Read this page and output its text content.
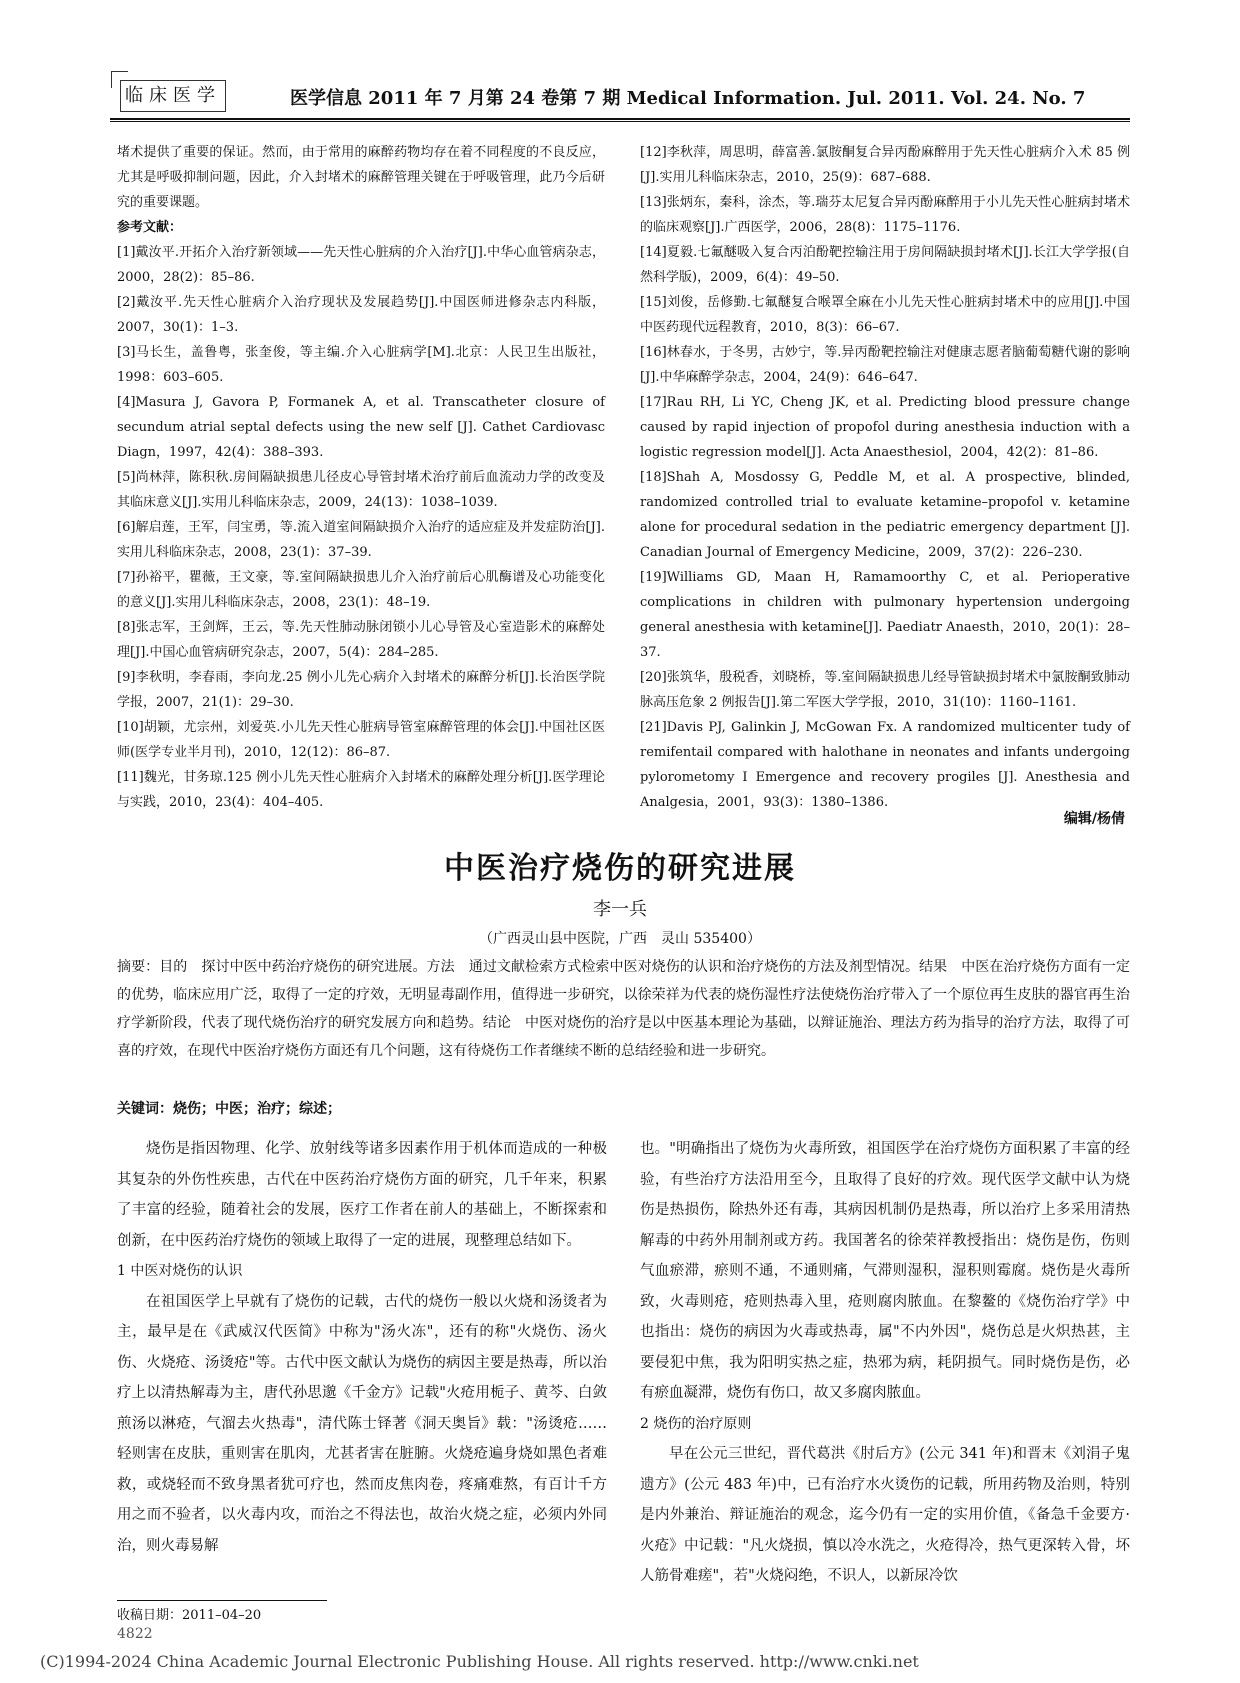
临床医学	医学信息 2011 年 7 月第 24 卷第 7 期 Medical Information. Jul. 2011. Vol. 24. No. 7

堵术提供了重要的保证。然而，由于常用的麻醉药物均存在着不同程度的不良反应，尤其是呼吸抑制问题，因此，介入封堵术的麻醉管理关键在于呼吸管理，此乃今后研究的重要课题。

参考文献：

[1]戴汝平.开拓介入治疗新领域——先天性心脏病的介入治疗[J].中华心血管病杂志，2000，28(2)：85–86.

[2]戴汝平.先天性心脏病介入治疗现状及发展趋势[J].中国医师进修杂志内科版，2007，30(1)：1–3.

[3]马长生，盖鲁粤，张奎俊，等主编.介入心脏病学[M].北京：人民卫生出版社，1998：603–605.

[4]Masura J, Gavora P, Formanek A, et al. Transcatheter closure of secundum atrial septal defects using the new self [J]. Cathet Cardiovasc Diagn，1997，42(4)：388–393.

[5]尚林萍，陈积秋.房间隔缺损患儿径皮心导管封堵术治疗前后血流动力学的改变及其临床意义[J].实用儿科临床杂志，2009，24(13)：1038–1039.

[6]解启莲，王军，闫宝勇，等.流入道室间隔缺损介入治疗的适应症及并发症防治[J].实用儿科临床杂志，2008，23(1)：37–39.

[7]孙裕平，瞿薇，王文豪，等.室间隔缺损患儿介入治疗前后心肌酶谱及心功能变化的意义[J].实用儿科临床杂志，2008，23(1)：48–19.

[8]张志军，王剑辉，王云，等.先天性肺动脉闭锁小儿心导管及心室造影术的麻醉处理[J].中国心血管病研究杂志，2007，5(4)：284–285.

[9]李秋明，李春雨，李向龙.25 例小儿先心病介入封堵术的麻醉分析[J].长治医学院学报，2007，21(1)：29–30.

[10]胡颖，尤宗州，刘爱英.小儿先天性心脏病导管室麻醉管理的体会[J].中国社区医师(医学专业半月刊)，2010，12(12)：86–87.

[11]魏光，甘务琼.125 例小儿先天性心脏病介入封堵术的麻醉处理分析[J].医学理论与实践，2010，23(4)：404–405.

[12]李秋萍，周思明，薛富善.氯胺酮复合异丙酚麻醉用于先天性心脏病介入术 85 例[J].实用儿科临床杂志，2010，25(9)：687–688.

[13]张炳东，秦科，涂杰，等.瑞芬太尼复合异丙酚麻醉用于小儿先天性心脏病封堵术的临床观察[J].广西医学，2006，28(8)：1175–1176.

[14]夏毅.七氟醚吸入复合丙泊酚靶控输注用于房间隔缺损封堵术[J].长江大学学报(自然科学版)，2009，6(4)：49–50.

[15]刘俊，岳修勤.七氟醚复合喉罩全麻在小儿先天性心脏病封堵术中的应用[J].中国中医药现代远程教育，2010，8(3)：66–67.

[16]林春水，于冬男，古妙宁，等.异丙酚靶控输注对健康志愿者脑葡萄糖代谢的影响[J].中华麻醉学杂志，2004，24(9)：646–647.

[17]Rau RH, Li YC, Cheng JK, et al. Predicting blood pressure change caused by rapid injection of propofol during anesthesia induction with a logistic regression model[J]. Acta Anaesthesiol，2004，42(2)：81–86.

[18]Shah A, Mosdossy G, Peddle M, et al. A prospective, blinded, randomized controlled trial to evaluate ketamine–propofol v. ketamine alone for procedural sedation in the pediatric emergency department [J]. Canadian Journal of Emergency Medicine，2009，37(2)：226–230.

[19]Williams GD, Maan H, Ramamoorthy C, et al. Perioperative complications in children with pulmonary hypertension undergoing general anesthesia with ketamine[J]. Paediatr Anaesth，2010，20(1)：28–37.

[20]张筑华，殷税香，刘晓桥，等.室间隔缺损患儿经导管缺损封堵术中氯胺酮致肺动脉高压危象 2 例报告[J].第二军医大学学报，2010，31(10)：1160–1161.

[21]Davis PJ, Galinkin J, McGowan Fx. A randomized multicenter tudy of remifentail compared with halothane in neonates and infants undergoing pylorometomy I Emergence and recovery progiles [J]. Anesthesia and Analgesia，2001，93(3)：1380–1386.

编辑/杨倩
中医治疗烧伤的研究进展
李一兵
（广西灵山县中医院，广西　灵山 535400）
摘要：目的　探讨中医中药治疗烧伤的研究进展。方法　通过文献检索方式检索中医对烧伤的认识和治疗烧伤的方法及剂型情况。结果　中医在治疗烧伤方面有一定的优势，临床应用广泛，取得了一定的疗效，无明显毒副作用，值得进一步研究，以徐荣祥为代表的烧伤湿性疗法使烧伤治疗带入了一个原位再生皮肤的器官再生治疗学新阶段，代表了现代烧伤治疗的研究发展方向和趋势。结论　中医对烧伤的治疗是以中医基本理论为基础，以辩证施治、理法方药为指导的治疗方法，取得了可喜的疗效，在现代中医治疗烧伤方面还有几个问题，这有待烧伤工作者继续不断的总结经验和进一步研究。
关键词：烧伤；中医；治疗；综述；

烧伤是指因物理、化学、放射线等诸多因素作用于机体而造成的一种极其复杂的外伤性疾患，古代在中医药治疗烧伤方面的研究，几千年来，积累了丰富的经验，随着社会的发展，医疗工作者在前人的基础上，不断探索和创新，在中医药治疗烧伤的领域上取得了一定的进展，现整理总结如下。

1 中医对烧伤的认识

在祖国医学上早就有了烧伤的记载，古代的烧伤一般以火烧和汤烫者为主，最早是在《武威汉代医简》中称为"汤火冻"，还有的称"火烧伤、汤火伤、火烧疮、汤烫疮"等。古代中医文献认为烧伤的病因主要是热毒，所以治疗上以清热解毒为主，唐代孙思邈《千金方》记载"火疮用栀子、黄芩、白敛煎汤以淋疮，气溜去火热毒"，清代陈士铎著《洞天奥旨》载："汤烫疮……轻则害在皮肤，重则害在肌肉，尤甚者害在脏腑。火烧疮遍身烧如黑色者难救，或烧轻而不致身黑者犹可疗也，然而皮焦肉卷，疼痛难熬，有百计千方用之而不验者，以火毒内攻，而治之不得法也，故治火烧之症，必须内外同治，则火毒易解

也。"明确指出了烧伤为火毒所致，祖国医学在治疗烧伤方面积累了丰富的经验，有些治疗方法沿用至今，且取得了良好的疗效。现代医学文献中认为烧伤是热损伤，除热外还有毒，其病因机制仍是热毒，所以治疗上多采用清热解毒的中药外用制剂或方药。我国著名的徐荣祥教授指出：烧伤是伤，伤则气血瘀滞，瘀则不通，不通则痛，气滞则湿积，湿积则霉腐。烧伤是火毒所致，火毒则疮，疮则热毒入里，疮则腐肉脓血。在黎鳌的《烧伤治疗学》中也指出：烧伤的病因为火毒或热毒，属"不内外因"，烧伤总是火炽热甚，主要侵犯中焦，我为阳明实热之症，热邪为病，耗阴损气。同时烧伤是伤，必有瘀血凝滞，烧伤有伤口，故又多腐肉脓血。

2 烧伤的治疗原则

早在公元三世纪，晋代葛洪《肘后方》(公元 341 年)和晋末《刘涓子鬼遗方》(公元 483 年)中，已有治疗水火烫伤的记载，所用药物及治则，特别是内外兼治、辩证施治的观念，迄今仍有一定的实用价值，《备急千金要方·火疮》中记载："凡火烧损，慎以冷水洗之，火疮得冷，热气更深转入骨，坏人筋骨难瘥"，若"火烧闷绝，不识人，以新尿冷饮

收稿日期：2011–04–20
4822
(C)1994-2024 China Academic Journal Electronic Publishing House. All rights reserved. http://www.cnki.net
